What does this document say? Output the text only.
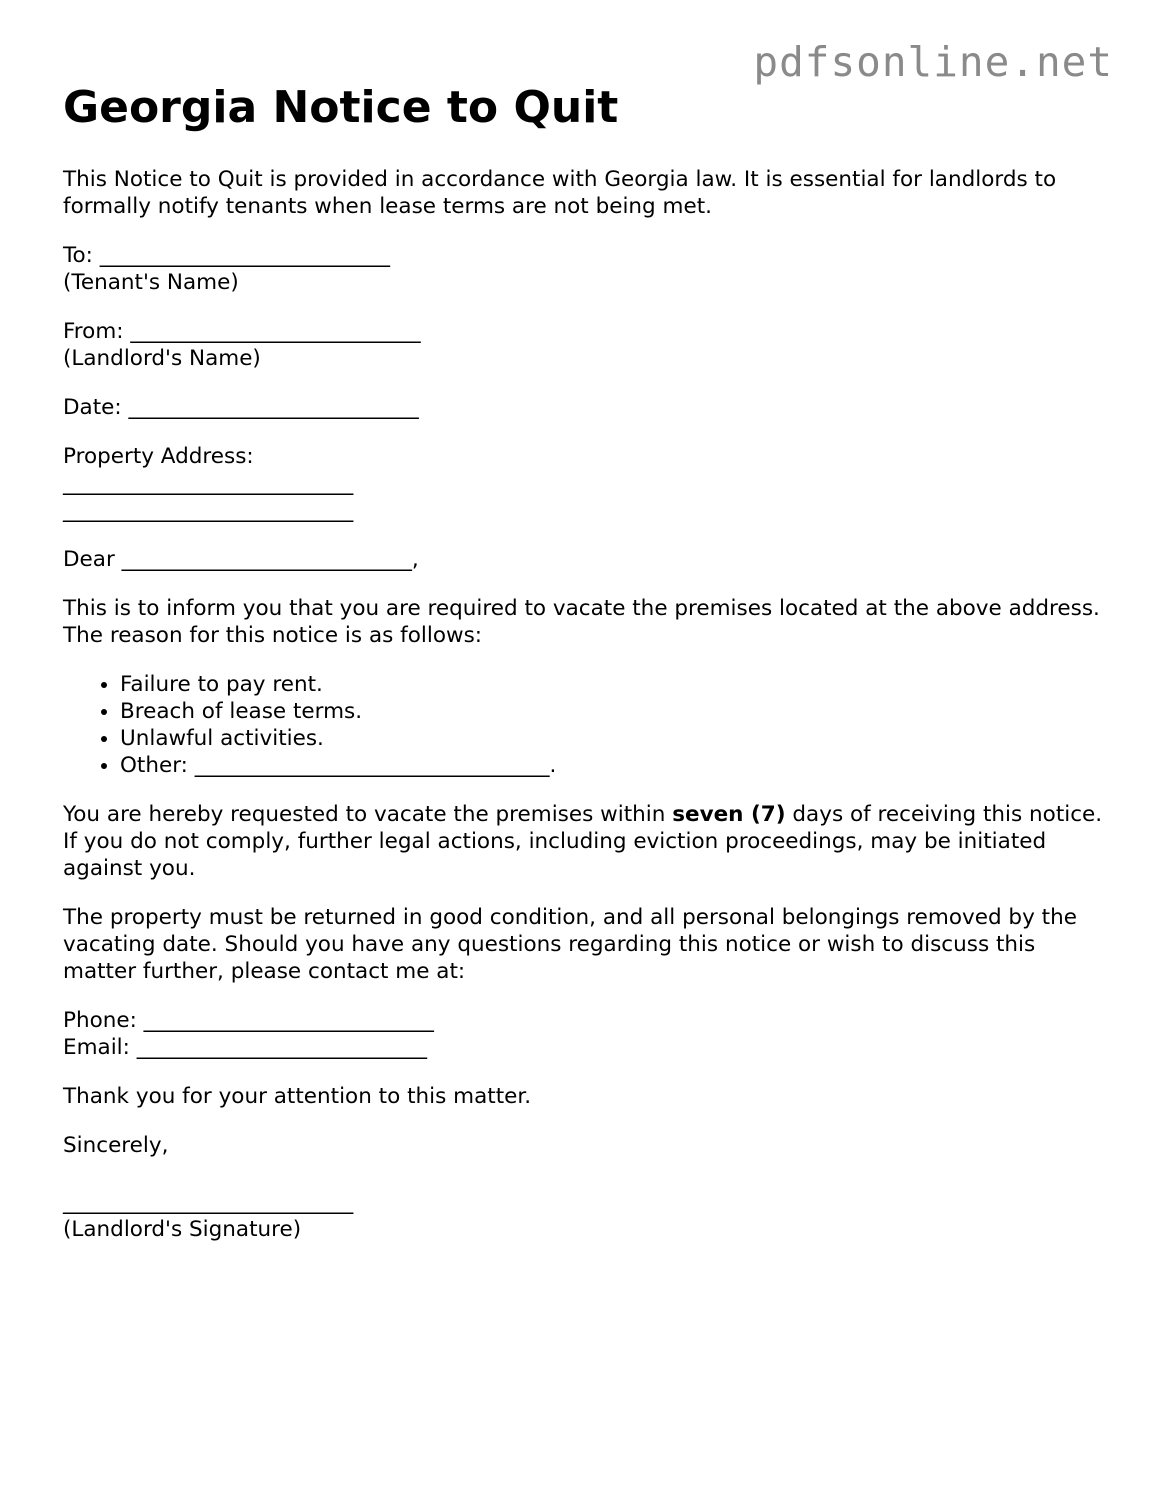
pdfsonline.net
Georgia Notice to Quit

This Notice to Quit is provided in accordance with Georgia law. It is essential for landlords to formally notify tenants when lease terms are not being met.

To: ___________________________

(Tenant's Name)

From: ___________________________

(Landlord's Name)

Date: ___________________________

Property Address:

___________________________

___________________________

Dear ___________________________,

This is to inform you that you are required to vacate the premises located at the above address. The reason for this notice is as follows:

• Failure to pay rent.
• Breach of lease terms.
• Unlawful activities.
• Other: _________________________________.

You are hereby requested to vacate the premises within seven (7) days of receiving this notice. If you do not comply, further legal actions, including eviction proceedings, may be initiated against you.

The property must be returned in good condition, and all personal belongings removed by the vacating date. Should you have any questions regarding this notice or wish to discuss this matter further, please contact me at:

Phone: ___________________________

Email: ___________________________

Thank you for your attention to this matter.

Sincerely,

___________________________

(Landlord's Signature)
